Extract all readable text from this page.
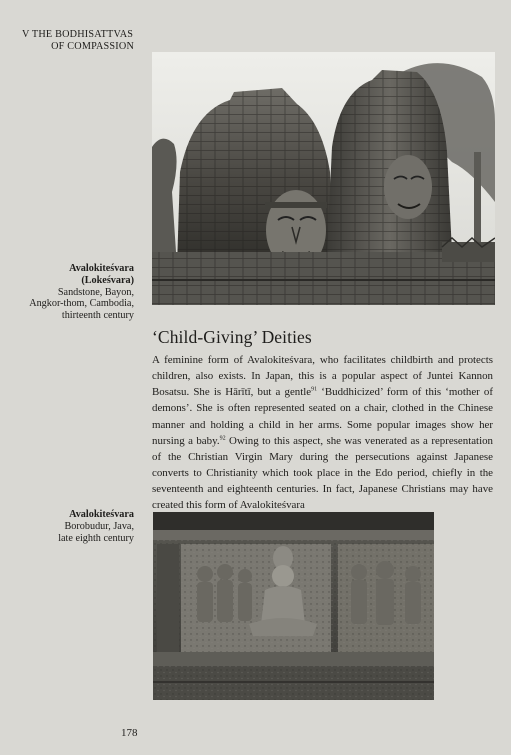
V THE BODHISATTVAS
OF COMPASSION
Avalokiteśvara (Lokeśvara)
Sandstone, Bayon,
Angkor-thom, Cambodia,
thirteenth century
‘Child-Giving’ Deities

A feminine form of Avalokiteśvara, who facilitates childbirth and protects children, also exists. In Japan, this is a popular aspect of Juntei Kannon Bosatsu. She is Hārītī, but a gentle$^{91}$ ‘Buddhicized’ form of this ‘mother of demons’. She is often represented seated on a chair, clothed in the Chinese manner and holding a child in her arms. Some popular images show her nursing a baby.$^{92}$ Owing to this aspect, she was venerated as a representation of the Christian Virgin Mary during the persecutions against Japanese converts to Christianity which took place in the Edo period, chiefly in the seventeenth and eighteenth centuries. In fact, Japanese Christians may have created this form of Avalokiteśvara

Avalokiteśvara
Borobudur, Java,
late eighth century
178
